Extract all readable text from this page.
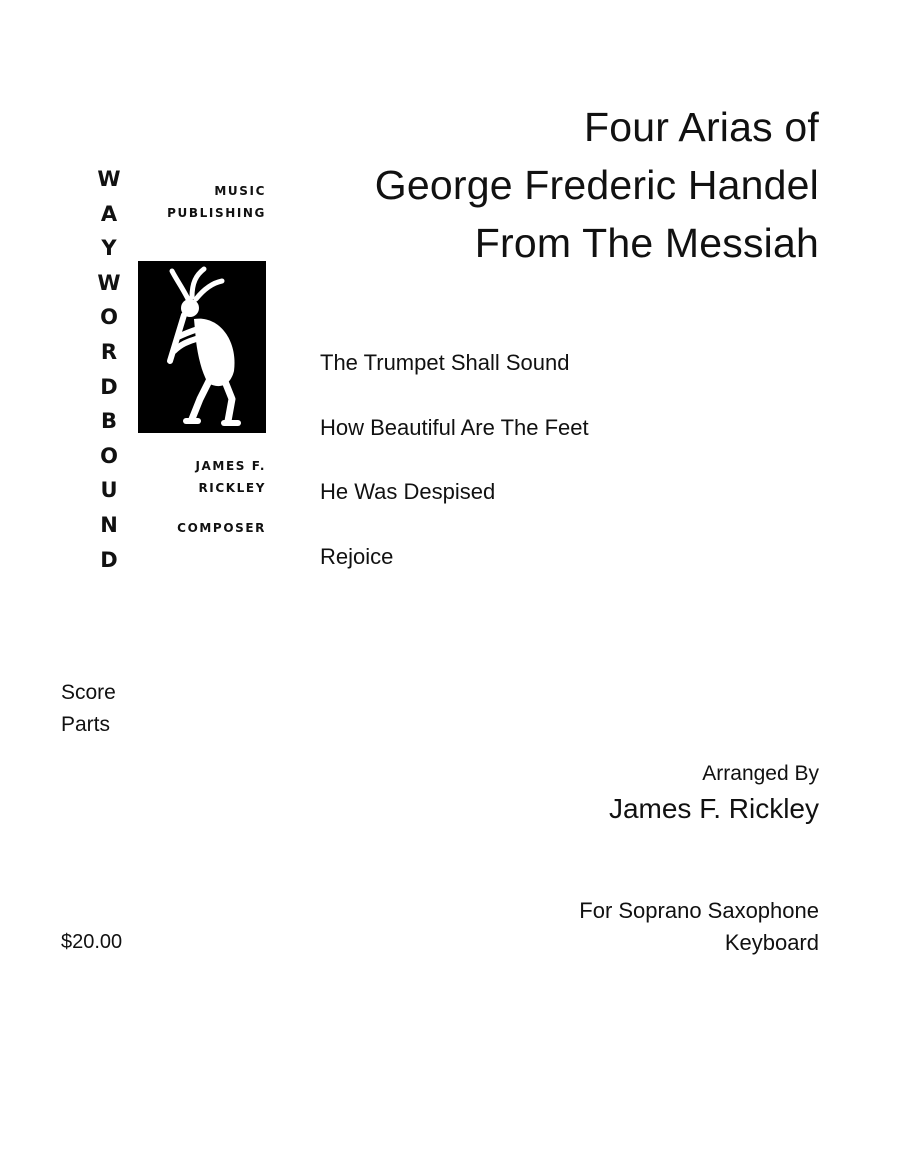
Four Arias of
George Frederic Handel
From The Messiah
W
A
Y
W
O
R
D
B
O
U
N
D
MUSIC
PUBLISHING
JAMES F.
RICKLEY
COMPOSER
The Trumpet Shall Sound
How Beautiful Are The Feet
He Was Despised
Rejoice
Score
Parts
Arranged By
James F. Rickley
$20.00
For Soprano Saxophone
Keyboard
